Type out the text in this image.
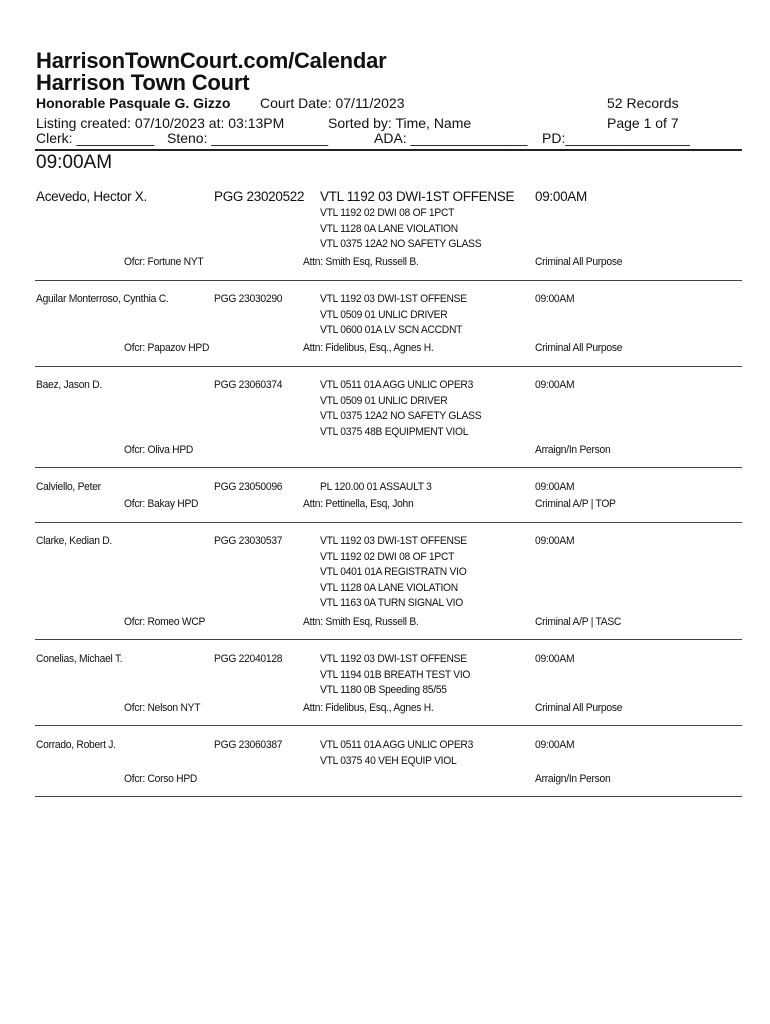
HarrisonTownCourt.com/Calendar
Harrison Town Court
Honorable Pasquale G. Gizzo Court Date: 07/11/2023	52 Records
Listing created: 07/10/2023 at: 03:13PM	Sorted by: Time, Name	Page 1 of 7
Clerk: __________ Steno: _______________	ADA: _______________ PD:________________
09:00AM
Acevedo, Hector X.	PGG 23020522 VTL 1192 03 DWI-1ST OFFENSE
VTL 1192 02 DWI 08 OF 1PCT
VTL 1128 0A LANE VIOLATION
VTL 0375 12A2 NO SAFETY GLASS
09:00AM
Ofcr: Fortune NYT	Attn: Smith Esq, Russell B.	Criminal All Purpose
Aguilar Monterroso, Cynthia C.	PGG 23030290	VTL 1192 03 DWI-1ST OFFENSE
VTL 0509 01 UNLIC DRIVER
VTL 0600 01A LV SCN ACCDNT
09:00AM
Ofcr: Papazov HPD	Attn: Fidelibus, Esq., Agnes H.	Criminal All Purpose
Baez, Jason D.	PGG 23060374	VTL 0511 01A AGG UNLIC OPER3
VTL 0509 01 UNLIC DRIVER
VTL 0375 12A2 NO SAFETY GLASS
VTL 0375 48B EQUIPMENT VIOL
09:00AM
Ofcr: Oliva HPD	Arraign/In Person
Calviello, Peter	PGG 23050096	PL 120.00 01 ASSAULT 3	09:00AM
Ofcr: Bakay HPD	Attn: Pettinella, Esq, John	Criminal A/P | TOP
Clarke, Kedian D.	PGG 23030537	VTL 1192 03 DWI-1ST OFFENSE
VTL 1192 02 DWI 08 OF 1PCT
VTL 0401 01A REGISTRATN VIO
VTL 1128 0A LANE VIOLATION
VTL 1163 0A TURN SIGNAL VIO
09:00AM
Ofcr: Romeo WCP	Attn: Smith Esq, Russell B.	Criminal A/P | TASC
Conelias, Michael T.	PGG 22040128	VTL 1192 03 DWI-1ST OFFENSE
VTL 1194 01B BREATH TEST VIO
VTL 1180 0B Speeding 85/55
09:00AM
Ofcr: Nelson NYT	Attn: Fidelibus, Esq., Agnes H.	Criminal All Purpose
Corrado, Robert J.	PGG 23060387	VTL 0511 01A AGG UNLIC OPER3
VTL 0375 40 VEH EQUIP VIOL
09:00AM
Ofcr: Corso HPD	Arraign/In Person
